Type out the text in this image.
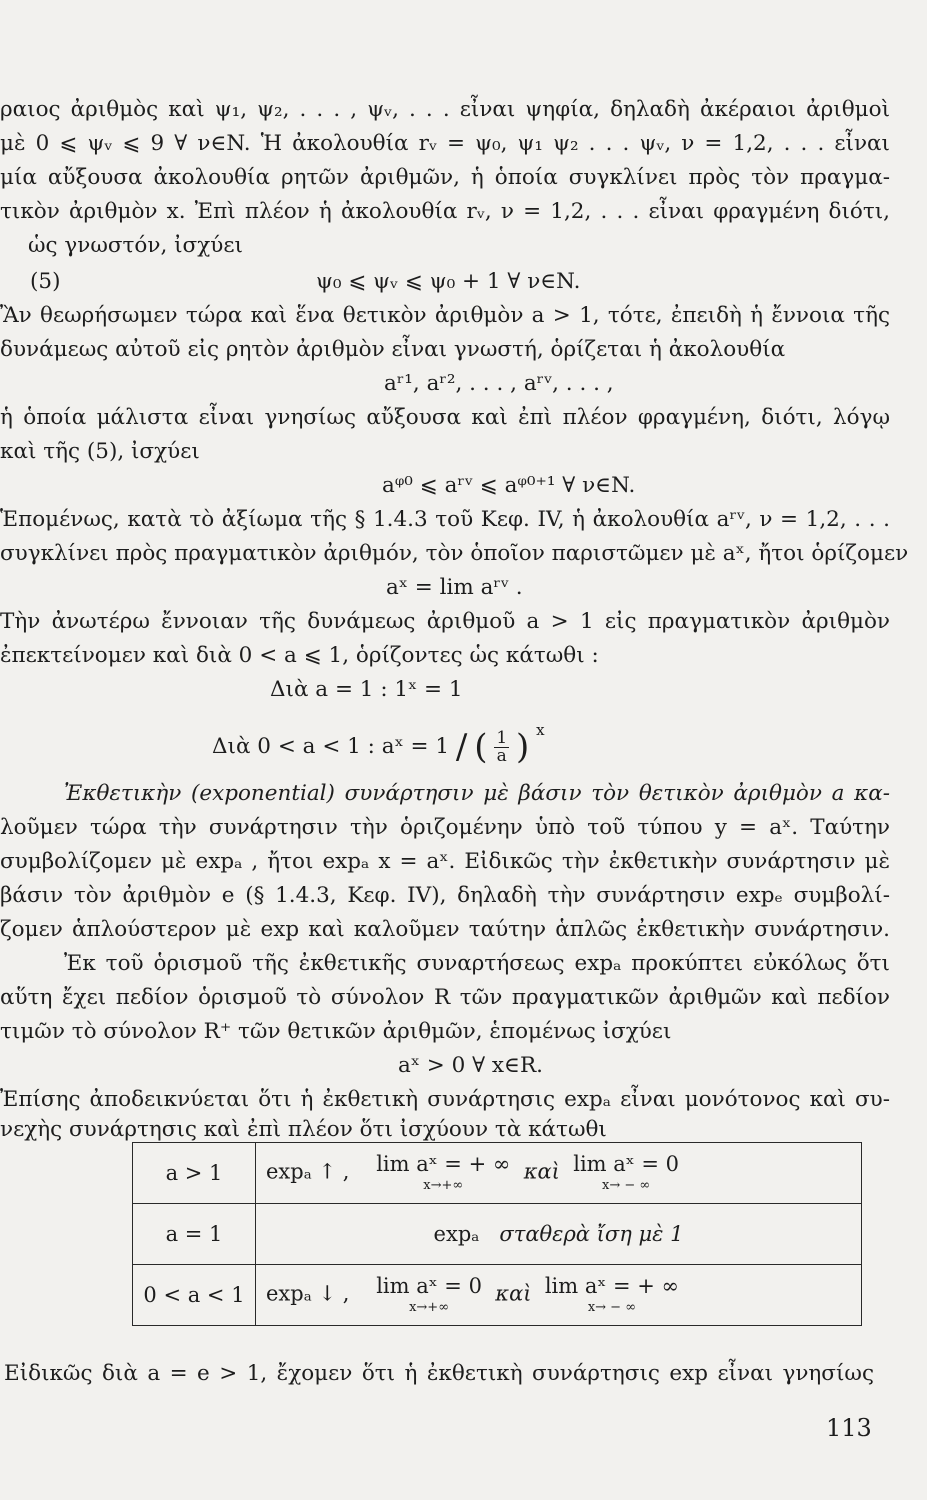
ραιος ἀριθμὸς καὶ ψ₁, ψ₂, . . . , ψᵥ, . . . εἶναι ψηφία, δηλαδὴ ἀκέραιοι ἀριθμοὶ
μὲ 0 ⩽ ψᵥ ⩽ 9 ∀ ν∈N. Ἡ ἀκολουθία rᵥ = ψ₀, ψ₁ ψ₂ . . . ψᵥ, ν = 1,2, . . . εἶναι
μία αὔξουσα ἀκολουθία ρητῶν ἀριθμῶν, ἡ ὁποία συγκλίνει πρὸς τὸν πραγμα-
τικὸν ἀριθμὸν x. Ἐπὶ πλέον ἡ ἀκολουθία rᵥ, ν = 1,2, . . . εἶναι φραγμένη διότι,
ὡς γνωστόν, ἰσχύει
(5)	ψ₀ ⩽ ψᵥ ⩽ ψ₀ + 1 ∀ ν∈N.
Ἂν θεωρήσωμεν τώρα καὶ ἕνα θετικὸν ἀριθμὸν a > 1, τότε, ἐπειδὴ ἡ ἔννοια τῆς
δυνάμεως αὐτοῦ εἰς ρητὸν ἀριθμὸν εἶναι γνωστή, ὁρίζεται ἡ ἀκολουθία
aʳ¹, aʳ², . . . , aʳᵛ, . . . ,
ἡ ὁποία μάλιστα εἶναι γνησίως αὔξουσα καὶ ἐπὶ πλέον φραγμένη, διότι, λόγῳ
καὶ τῆς (5), ἰσχύει
aᵠ⁰ ⩽ aʳᵛ ⩽ aᵠ⁰⁺¹ ∀ ν∈N.
Ἑπομένως, κατὰ τὸ ἀξίωμα τῆς § 1.4.3 τοῦ Κεφ. IV, ἡ ἀκολουθία aʳᵛ, ν = 1,2, . . .
συγκλίνει πρὸς πραγματικὸν ἀριθμόν, τὸν ὁποῖον παριστῶμεν μὲ aˣ, ἤτοι ὁρίζομεν
aˣ = lim aʳᵛ .
Τὴν ἀνωτέρω ἔννοιαν τῆς δυνάμεως ἀριθμοῦ a > 1 εἰς πραγματικὸν ἀριθμὸν
ἐπεκτείνομεν καὶ διὰ 0 < a ⩽ 1, ὁρίζοντες ὡς κάτωθι :
Διὰ a = 1 : 1ˣ = 1
Διὰ 0 < a < 1 : aˣ = 1 / ( $\frac{1}{a}$ ) $^x$
Ἐκθετικὴν (exponential) συνάρτησιν μὲ βάσιν τὸν θετικὸν ἀριθμὸν a κα-
λοῦμεν τώρα τὴν συνάρτησιν τὴν ὁριζομένην ὑπὸ τοῦ τύπου y = aˣ. Ταύτην
συμβολίζομεν μὲ expₐ , ἤτοι expₐ x = aˣ. Εἰδικῶς τὴν ἐκθετικὴν συνάρτησιν μὲ
βάσιν τὸν ἀριθμὸν e (§ 1.4.3, Κεφ. IV), δηλαδὴ τὴν συνάρτησιν expₑ συμβολί-
ζομεν ἁπλούστερον μὲ exp καὶ καλοῦμεν ταύτην ἁπλῶς ἐκθετικὴν συνάρτησιν.
Ἐκ τοῦ ὁρισμοῦ τῆς ἐκθετικῆς συναρτήσεως expₐ προκύπτει εὐκόλως ὅτι
αὕτη ἔχει πεδίον ὁρισμοῦ τὸ σύνολον R τῶν πραγματικῶν ἀριθμῶν καὶ πεδίον
τιμῶν τὸ σύνολον R⁺ τῶν θετικῶν ἀριθμῶν, ἑπομένως ἰσχύει
aˣ > 0 ∀ x∈R.
Ἐπίσης ἀποδεικνύεται ὅτι ἡ ἐκθετικὴ συνάρτησις expₐ εἶναι μονότονος καὶ συ-
νεχὴς συνάρτησις καὶ ἐπὶ πλέον ὅτι ἰσχύουν τὰ κάτωθι
a > 1	expₐ ↑ ,    lim aˣ = + ∞
x→+∞
καὶ lim aˣ = 0
x→ − ∞

a = 1	expₐ σταθερὰ ἴση μὲ 1
0 < a < 1	expₐ ↓ ,    lim aˣ = 0
x→+∞
καὶ lim aˣ = + ∞
x→ − ∞
Εἰδικῶς διὰ a = e > 1, ἔχομεν ὅτι ἡ ἐκθετικὴ συνάρτησις exp εἶναι γνησίως
113
